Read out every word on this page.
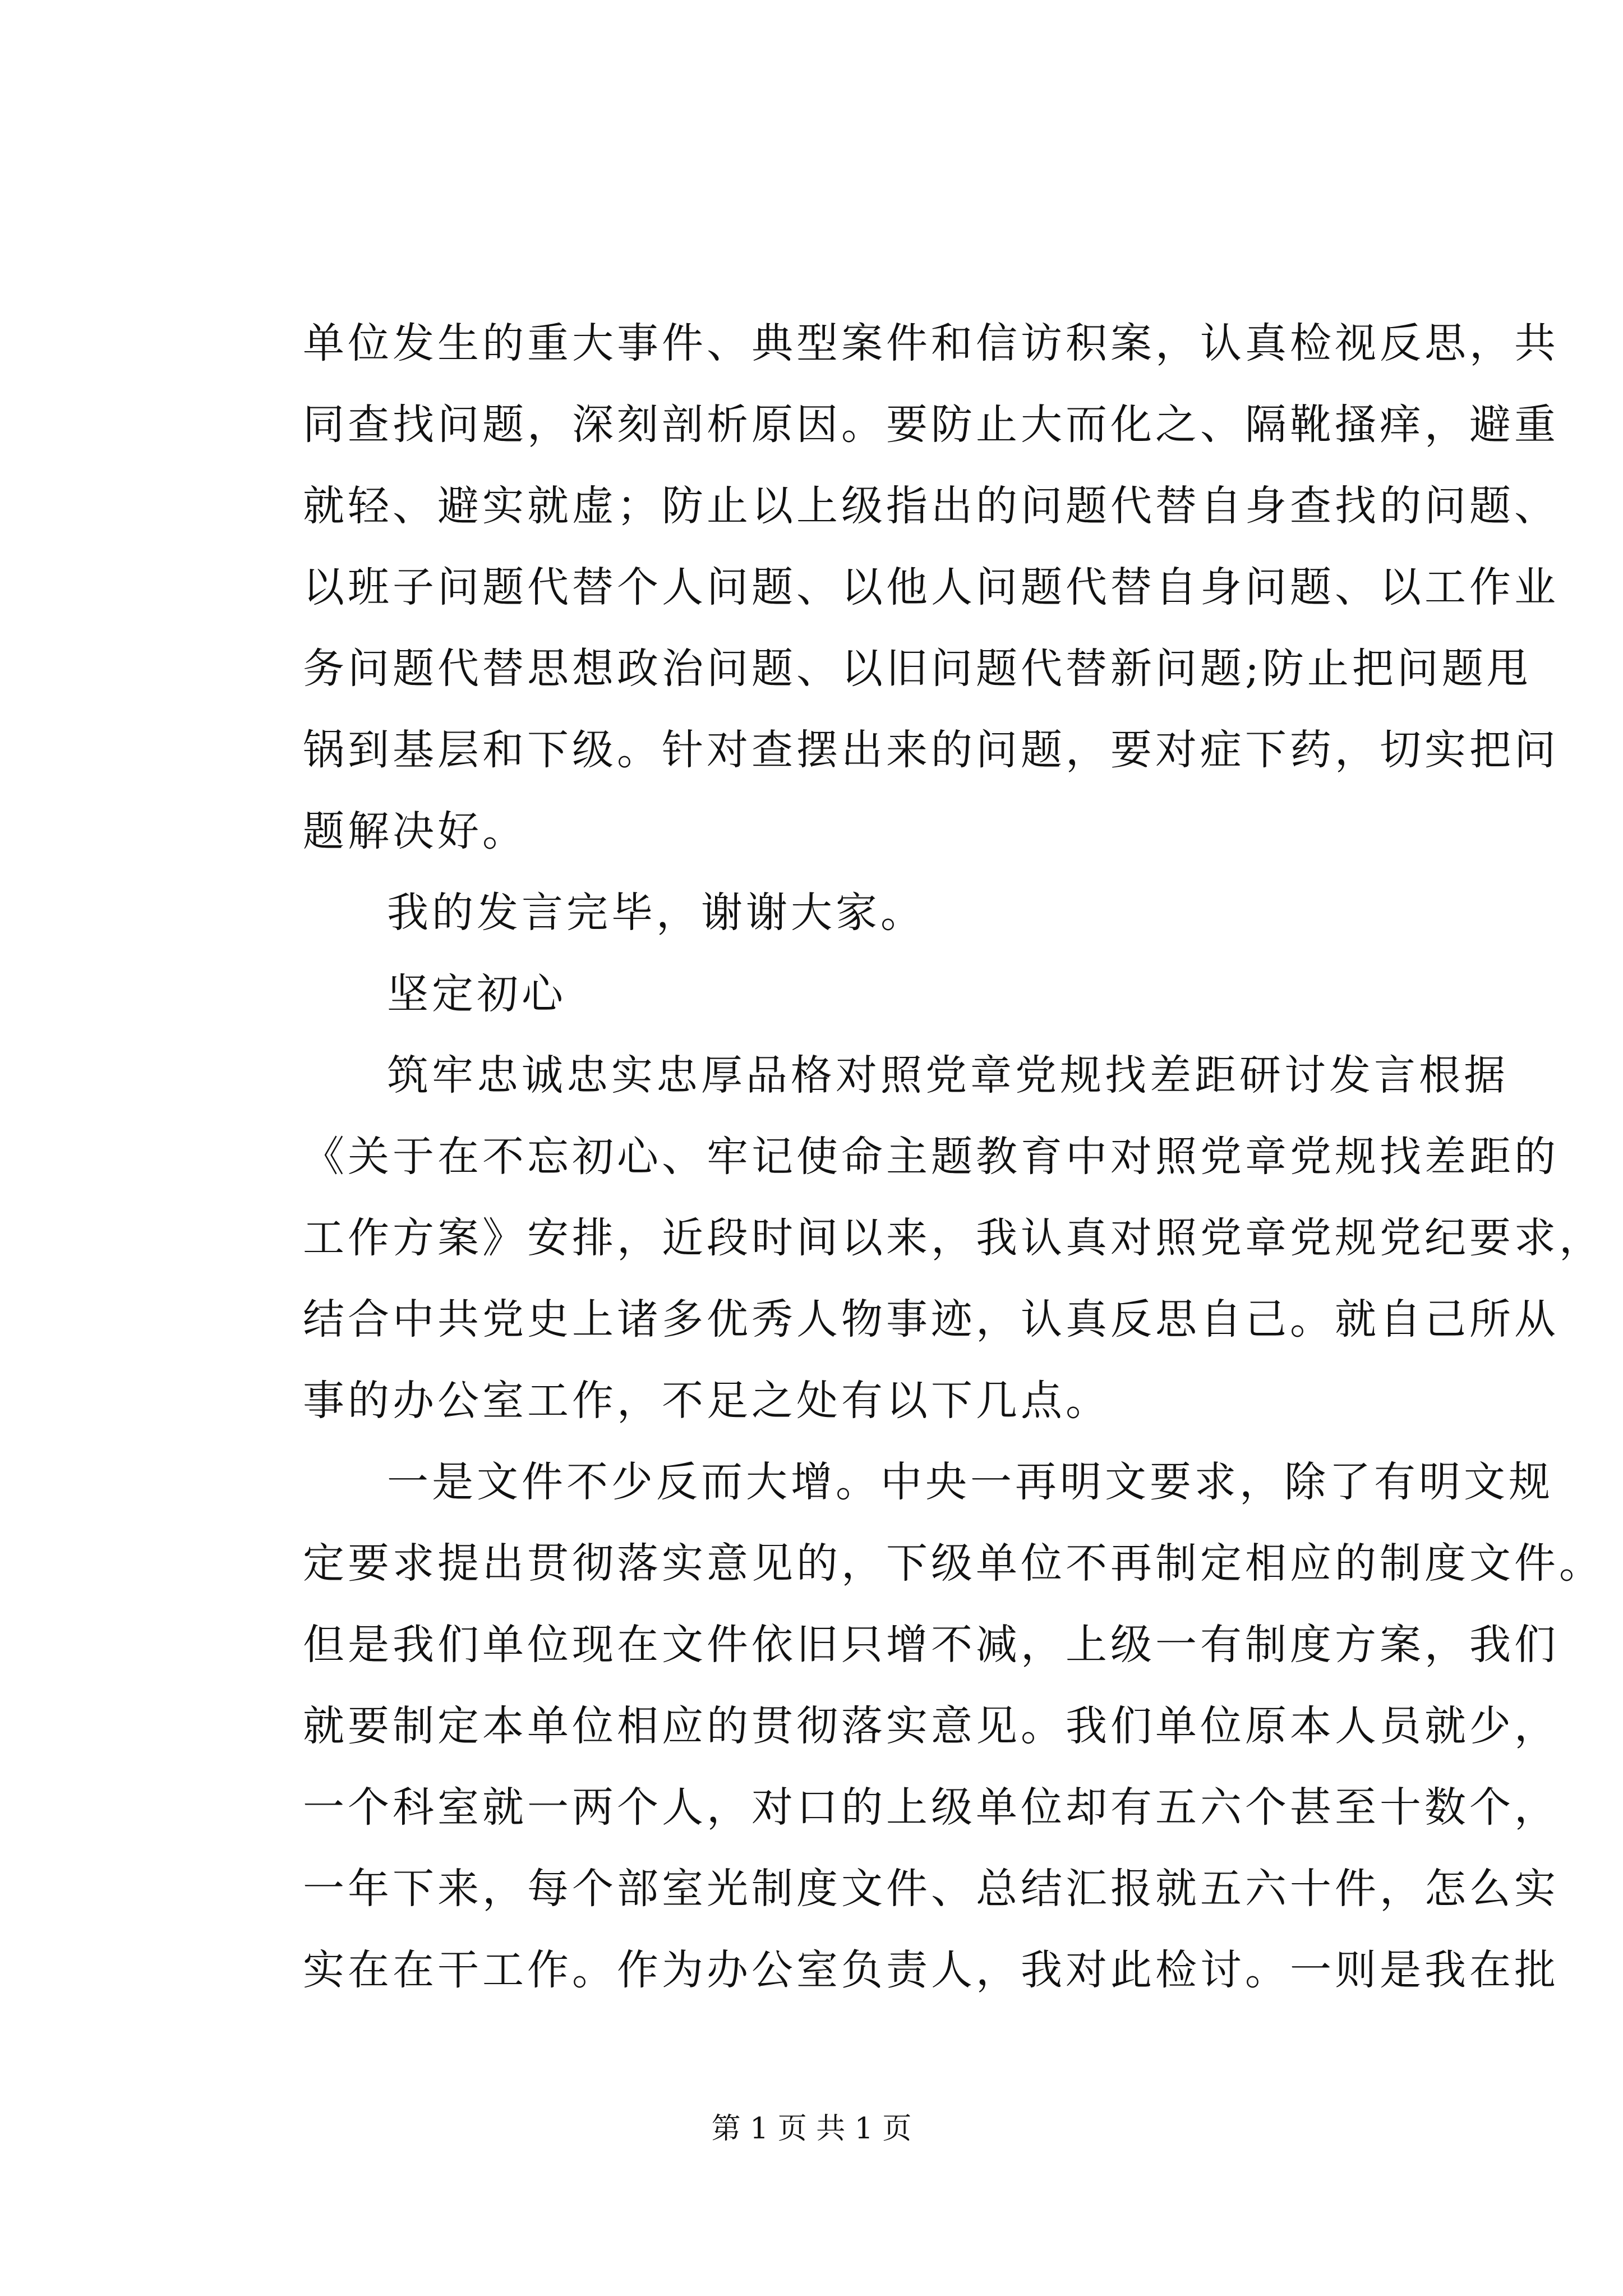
单位发生的重大事件、典型案件和信访积案，认真检视反思，共
同查找问题，深刻剖析原因。要防止大而化之、隔靴搔痒，避重
就轻、避实就虚；防止以上级指出的问题代替自身查找的问题、
以班子问题代替个人问题、以他人问题代替自身问题、以工作业
务问题代替思想政治问题、以旧问题代替新问题;防止把问题甩
锅到基层和下级。针对查摆出来的问题，要对症下药，切实把问
题解决好。
我的发言完毕，谢谢大家。
坚定初心
筑牢忠诚忠实忠厚品格对照党章党规找差距研讨发言根据
《关于在不忘初心、牢记使命主题教育中对照党章党规找差距的
工作方案》安排，近段时间以来，我认真对照党章党规党纪要求，
结合中共党史上诸多优秀人物事迹，认真反思自己。就自己所从
事的办公室工作，不足之处有以下几点。
一是文件不少反而大增。中央一再明文要求，除了有明文规
定要求提出贯彻落实意见的，下级单位不再制定相应的制度文件。
但是我们单位现在文件依旧只增不减，上级一有制度方案，我们
就要制定本单位相应的贯彻落实意见。我们单位原本人员就少，
一个科室就一两个人，对口的上级单位却有五六个甚至十数个，
一年下来，每个部室光制度文件、总结汇报就五六十件，怎么实
实在在干工作。作为办公室负责人，我对此检讨。一则是我在批
第 1 页 共 1 页
